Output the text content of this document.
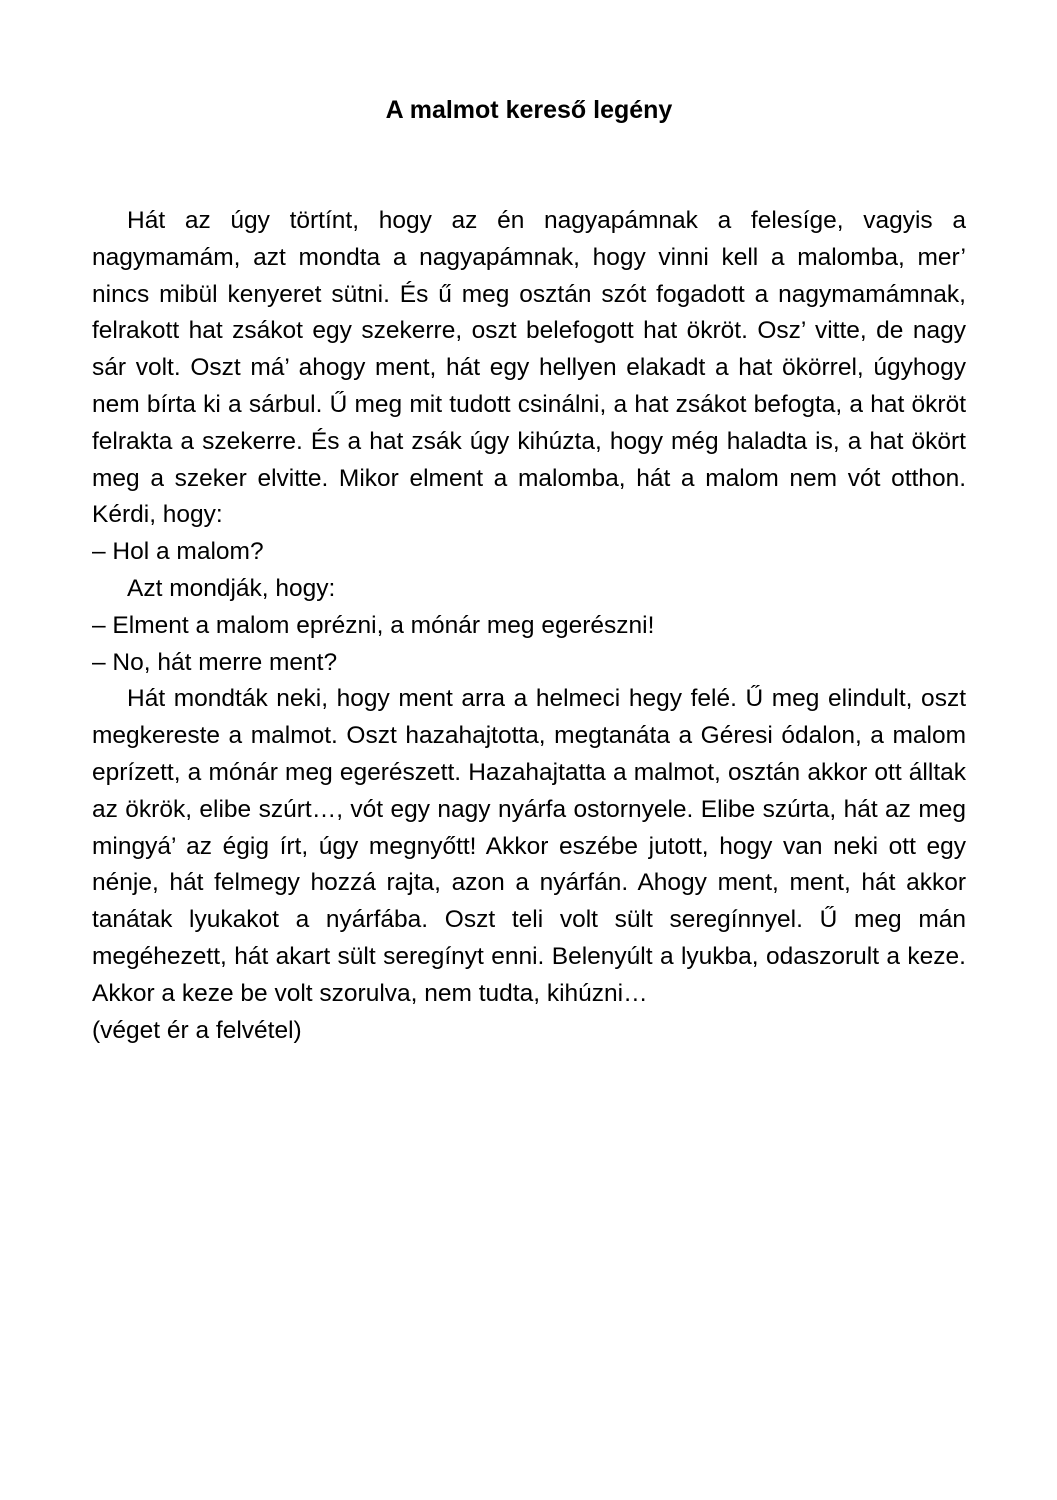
A malmot kereső legény

Hát az úgy törtínt, hogy az én nagyapámnak a felesíge, vagyis a nagymamám, azt mondta a nagyapámnak, hogy vinni kell a malomba, mer’ nincs mibül kenyeret sütni. És ű meg osztán szót fogadott a nagymamámnak, felrakott hat zsákot egy szekerre, oszt belefogott hat ökröt. Osz’ vitte, de nagy sár volt. Oszt má’ ahogy ment, hát egy hellyen elakadt a hat ökörrel, úgyhogy nem bírta ki a sárbul. Ű meg mit tudott csinálni, a hat zsákot befogta, a hat ökröt felrakta a szekerre. És a hat zsák úgy kihúzta, hogy még haladta is, a hat ökört meg a szeker elvitte. Mikor elment a malomba, hát a malom nem vót otthon. Kérdi, hogy:

– Hol a malom?

Azt mondják, hogy:

– Elment a malom eprézni, a mónár meg egerészni!

– No, hát merre ment?

Hát mondták neki, hogy ment arra a helmeci hegy felé. Ű meg elindult, oszt megkereste a malmot. Oszt hazahajtotta, megtanáta a Géresi ódalon, a malom eprízett, a mónár meg egerészett. Hazahajtatta a malmot, osztán akkor ott álltak az ökrök, elibe szúrt…, vót egy nagy nyárfa ostornyele. Elibe szúrta, hát az meg mingyá’ az égig írt, úgy megnyőtt! Akkor eszébe jutott, hogy van neki ott egy nénje, hát felmegy hozzá rajta, azon a nyárfán. Ahogy ment, ment, hát akkor tanátak lyukakot a nyárfába. Oszt teli volt sült seregínnyel. Ű meg mán megéhezett, hát akart sült seregínyt enni. Belenyúlt a lyukba, odaszorult a keze. Akkor a keze be volt szorulva, nem tudta, kihúzni…

(véget ér a felvétel)
